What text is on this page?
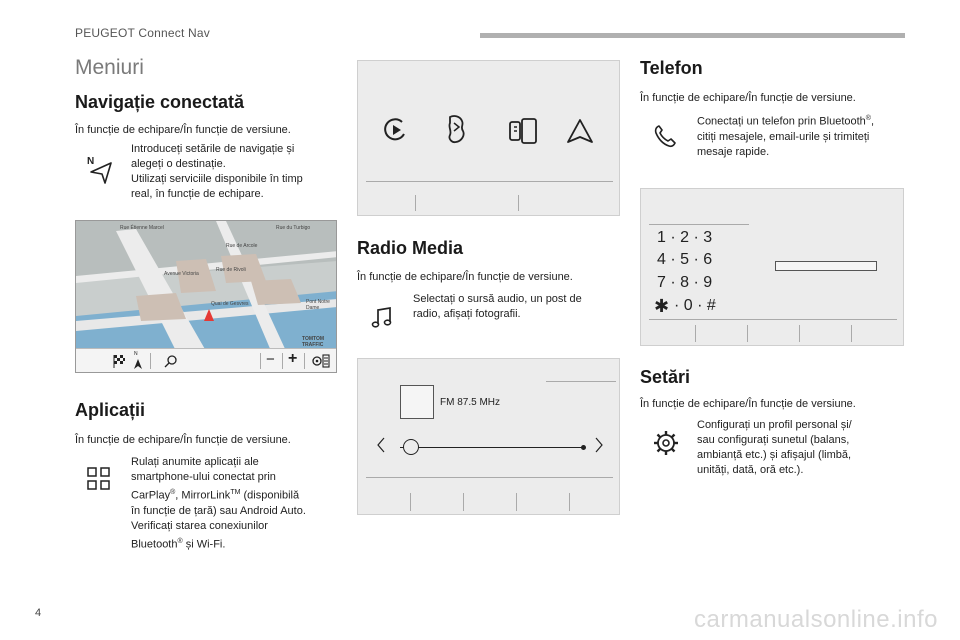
PEUGEOT Connect Nav
Meniuri
Navigație conectată
În funcție de echipare/În funcție de versiune.
N
Introduceți setările de navigație și
alegeți o destinație.
Utilizați serviciile disponibile în timp
real, în funcție de echipare.
Rue Étienne Marcel	Rue du Turbigo
Rue de Rivoli
Avenue Victoria
Quai de Gesvres
Rue de Arcole
Pont Notre Dame
TOMTOM
TRAFFIC
N	− +
Aplicații
În funcție de echipare/În funcție de versiune.
Rulați anumite aplicații ale
smartphone-ului conectat prin
CarPlay®, MirrorLink™ (disponibilă
în funcție de țară) sau Android Auto.
Verificați starea conexiunilor
Bluetooth® și Wi-Fi.
Radio Media
În funcție de echipare/În funcție de versiune.
Selectați o sursă audio, un post de
radio, afișați fotografii.
FM 87.5 MHz
Telefon
În funcție de echipare/În funcție de versiune.
Conectați un telefon prin Bluetooth®,
citiți mesajele, email-urile și trimiteți
mesaje rapide.
1 · 2 · 3
4 · 5 · 6
7 · 8 · 9
✱ · 0 · #
Setări
În funcție de echipare/În funcție de versiune.
Configurați un profil personal și/
sau configurați sunetul (balans,
ambianță etc.) și afișajul (limbă,
unități, dată, oră etc.).
4	carmanualsonline.info
